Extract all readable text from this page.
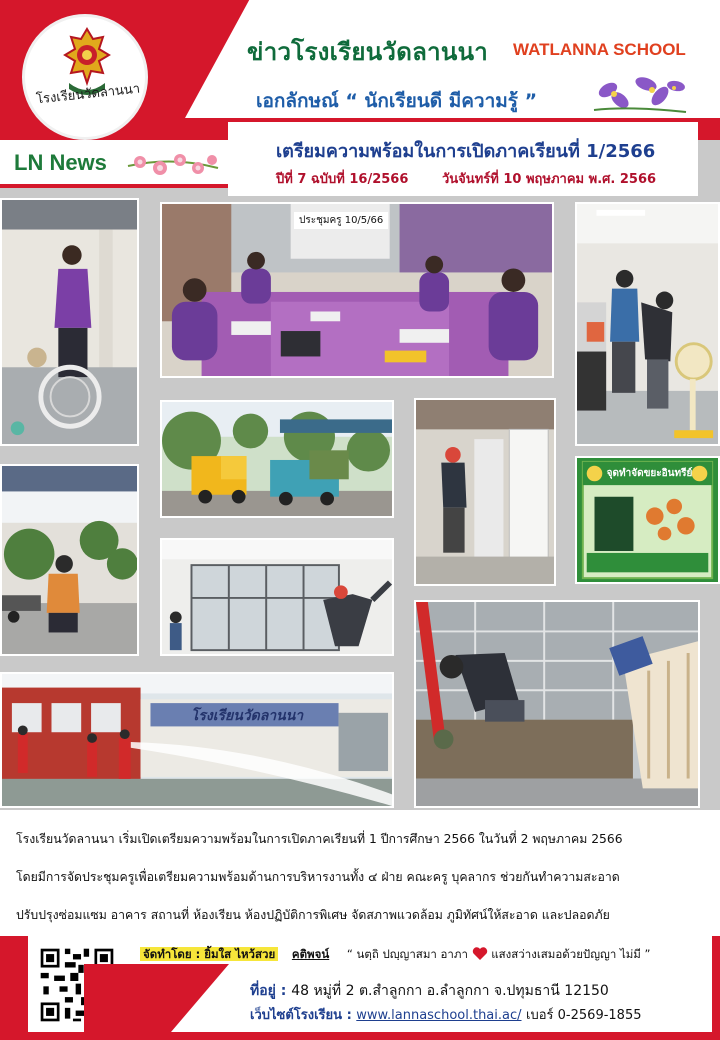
โรงเรียนวัดลานนา
ข่าวโรงเรียนวัดลานนา WATLANNA SCHOOL
เอกลักษณ์ “ นักเรียนดี มีความรู้ ”
LN News	เตรียมความพร้อมในการเปิดภาคเรียนที่ 1/2566
ปีที่ 7 ฉบับที่ 16/2566	วันจันทร์ที่ 10 พฤษภาคม พ.ศ. 2566
ประชุมครู 10/5/66
จุดทำจัดขยะอินทรีย์
โรงเรียนวัดลานนา
โรงเรียนวัดลานนา เริ่มเปิดเตรียมความพร้อมในการเปิดภาคเรียนที่ 1 ปีการศึกษา 2566 ในวันที่ 2 พฤษภาคม 2566
โดยมีการจัดประชุมครูเพื่อเตรียมความพร้อมด้านการบริหารงานทั้ง ๔ ฝ่าย คณะครู บุคลากร ช่วยกันทำความสะอาด
ปรับปรุงซ่อมแซม อาคาร สถานที่ ห้องเรียน ห้องปฏิบัติการพิเศษ จัดสภาพแวดล้อม ภูมิทัศน์ให้สะอาด และปลอดภัย
จัดทำโดย : ยิ้มใส ไหว้สวย คติพจน์ “ นตฺถิ ปญฺญาสมา อาภา แสงสว่างเสมอด้วยปัญญา ไม่มี ”
ที่อยู่ : 48 หมู่ที่ 2 ต.สำลูกกา อ.ลำลูกกา จ.ปทุมธานี 12150
เว็บไซต์โรงเรียน : www.lannaschool.thai.ac/ เบอร์ 0-2569-1855
